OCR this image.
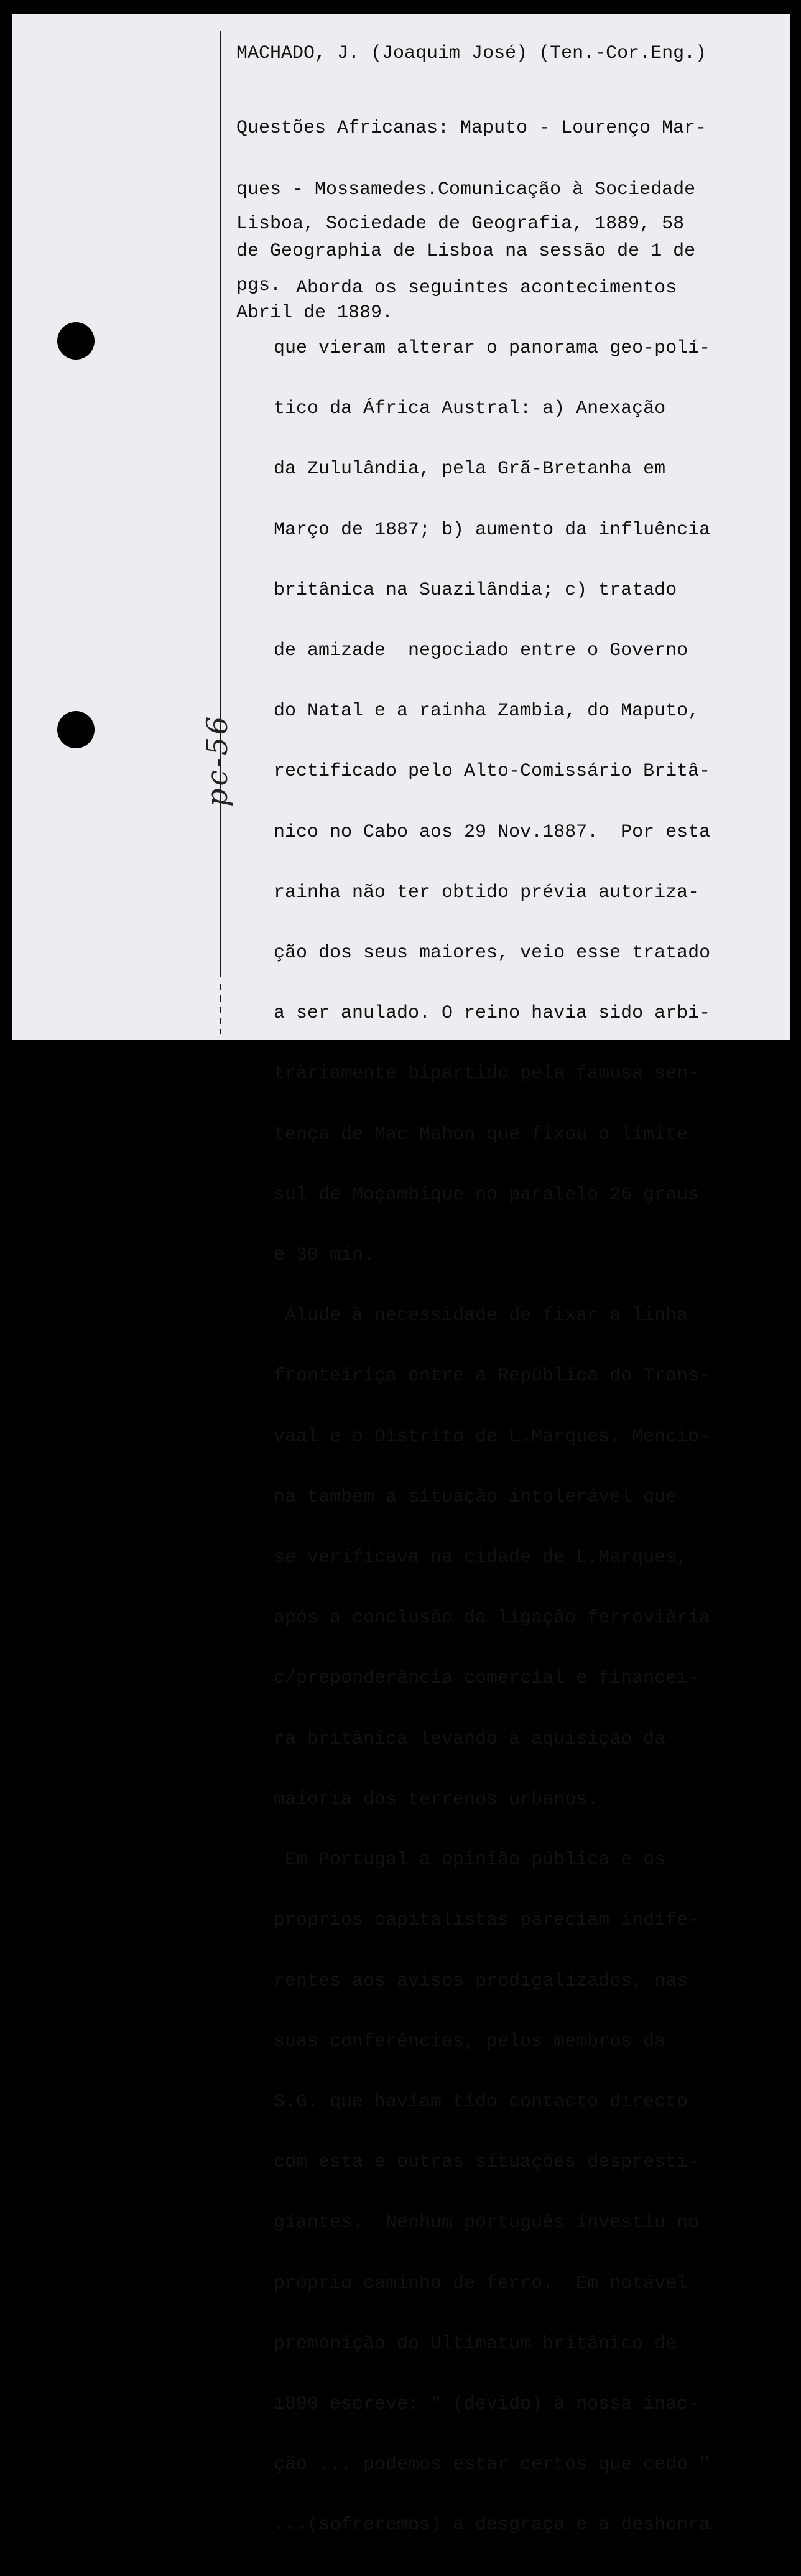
MACHADO, J. (Joaquim José) (Ten.-Cor.Eng.)

Questões Africanas: Maputo - Lourenço Mar-

ques - Mossamedes.Comunicação à Sociedade

de Geographia de Lisboa na sessão de 1 de

Abril de 1889.

Lisboa, Sociedade de Geografia, 1889, 58

pgs.

Aborda os seguintes acontecimentos

que vieram alterar o panorama geo-polí-

tico da África Austral: a) Anexação

da Zululândia, pela Grã-Bretanha em

Março de 1887; b) aumento da influência

britânica na Suazilândia; c) tratado

de amizade  negociado entre o Governo

do Natal e a rainha Zambia, do Maputo,

rectificado pelo Alto-Comissário Britâ-

nico no Cabo aos 29 Nov.1887.  Por esta

rainha não ter obtido prévia autoriza-

ção dos seus maiores, veio esse tratado

a ser anulado. O reino havia sido arbi-

tràriamente bipartido pela famosa sen-

tença de Mac Mahon que fixou o limite

sul de Moçambique no paralelo 26 graus

e 30 min.

Alude à necessidade de fixar a linha

fronteiriça entre a República do Trans-

vaal e o Distrito de L.Marques. Mencio-

na também a situação intolerável que

se verificava na cidade de L.Marques,

após a conclusão da ligação ferroviària

c/preponderância comercial e financei-

ra britânica levando à aquisição da

maioria dos terrenos urbanos.

Em Portugal a opinião pública e os

próprios capitalistas pareciam indife-

rentes aos avisos prodigalizados, nas

suas conferências, pelos membros da

S.G. que haviam tido contacto directo

com esta e outras situações despresti-

giantes.  Nenhum português investiu no

próprio caminho de ferro.  Em notável

premonição do Ultimatum britânico de

1890 escreve: " (devido) à nossa inac-

ção ... podemos estar certos que cedo "

...(sofreremos) a desgraça e a deshonra

pc-56
